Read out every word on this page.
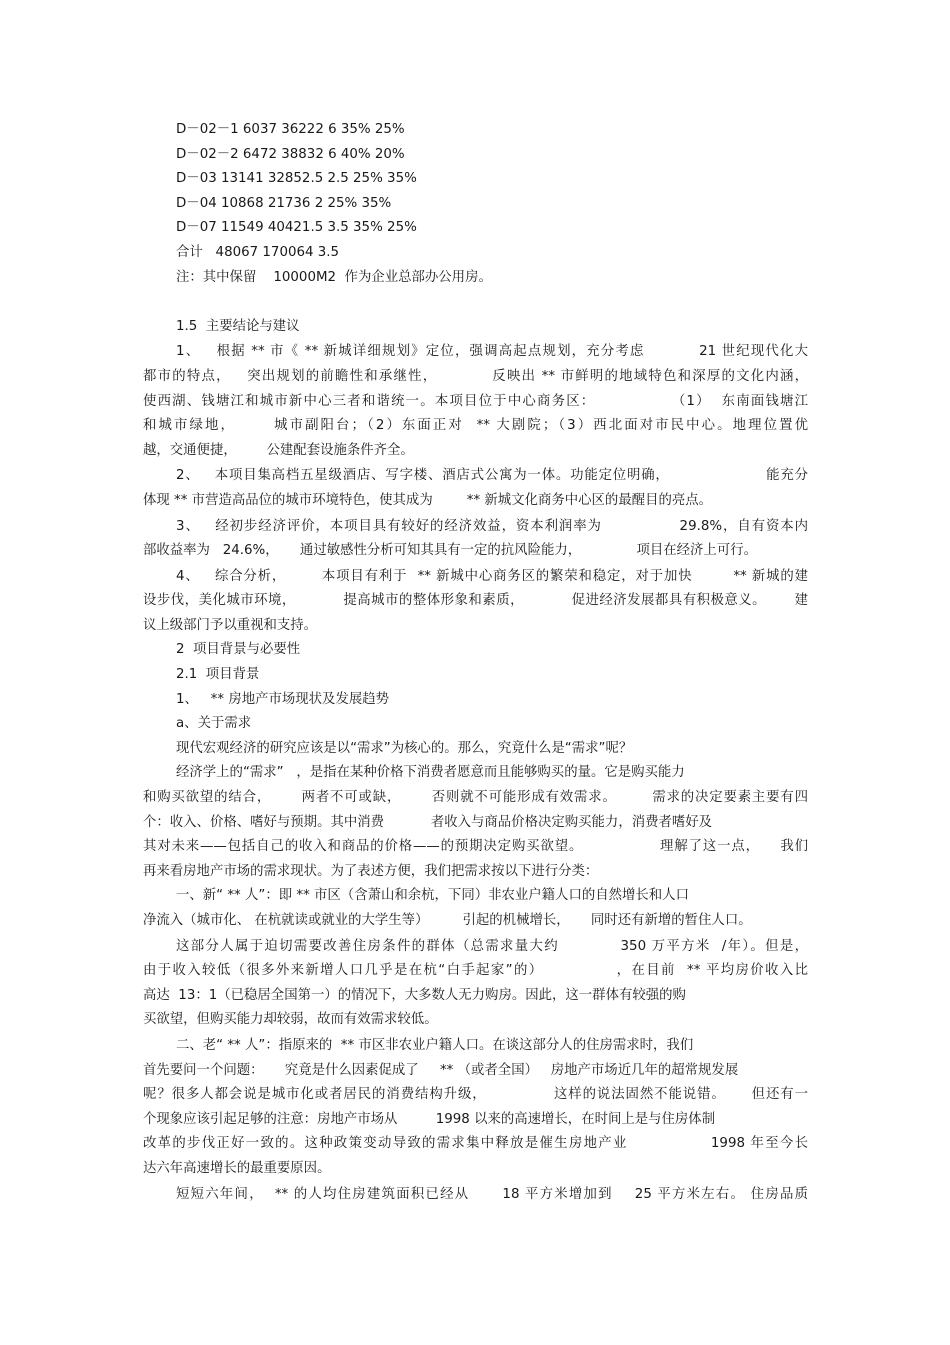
D－02－1 6037 36222 6 35% 25%
D－02－2 6472 38832 6 40% 20%
D－03 13141 32852.5 2.5 25% 35%
D－04 10868 21736 2 25% 35%
D－07 11549 40421.5 3.5 35% 25%
合计   48067 170064 3.5
注：其中保留    10000M2  作为企业总部办公用房。

1.5  主要结论与建议
1、   根据 ** 市《 ** 新城详细规划》定位，强调高起点规划，充分考虑          21 世纪现代化大
都市的特点，   突出规划的前瞻性和承继性，          反映出 ** 市鲜明的地域特色和深厚的文化内涵，
使西湖、钱塘江和城市新中心三者和谐统一。本项目位于中心商务区：              （1）  东南面钱塘江
和城市绿地，      城市副阳台；（2）东面正对  ** 大剧院；（3）西北面对市民中心。地理位置优
越，交通便捷，       公建配套设施条件齐全。
2、   本项目集高档五星级酒店、写字楼、酒店式公寓为一体。功能定位明确，                   能充分
体现 ** 市营造高品位的城市环境特色，使其成为        ** 新城文化商务中心区的最醒目的亮点。
3、   经初步经济评价，本项目具有较好的经济效益，资本利润率为               29.8%，自有资本内
部收益率为   24.6%，     通过敏感性分析可知其具有一定的抗风险能力，             项目在经济上可行。
4、   综合分析，       本项目有利于  ** 新城中心商务区的繁荣和稳定，对于加快        ** 新城的建
设步伐，美化城市环境，          提高城市的整体形象和素质，          促进经济发展都具有积极意义。      建
议上级部门予以重视和支持。
2  项目背景与必要性
2.1  项目背景
1、   ** 房地产市场现状及发展趋势
a、关于需求
现代宏观经济的研究应该是以“需求”为核心的。那么，究竟什么是“需求”呢？
经济学上的“需求”   ，是指在某种价格下消费者愿意而且能够购买的量。它是购买能力
和购买欲望的结合，      两者不可或缺，      否则就不可能形成有效需求。       需求的决定要素主要有四
个：收入、价格、嗜好与预期。其中消费           者收入与商品价格决定购买能力，消费者嗜好及
其对未来——包括自己的收入和商品的价格——的预期决定购买欲望。               理解了这一点，    我们
再来看房地产市场的需求现状。为了表述方便，我们把需求按以下进行分类：
一、新“ ** 人”：即 ** 市区（含萧山和余杭，下同）非农业户籍人口的自然增长和人口
净流入（城市化、 在杭就读或就业的大学生等）        引起的机械增长，     同时还有新增的暂住人口。
这部分人属于迫切需要改善住房条件的群体（总需求量大约           350 万平方米  /年）。但是，
由于收入较低（很多外来新增人口几乎是在杭“白手起家”的）             ，在目前  ** 平均房价收入比
高达  13：1（已稳居全国第一）的情况下，大多数人无力购房。因此，这一群体有较强的购
买欲望，但购买能力却较弱，故而有效需求较低。
二、老“ ** 人”：指原来的  ** 市区非农业户籍人口。在谈这部分人的住房需求时，我们
首先要问一个问题：     究竟是什么因素促成了     ** （或者全国）   房地产市场近几年的超常规发展
呢？很多人都会说是城市化或者居民的消费结构升级，             这样的说法固然不能说错。     但还有一
个现象应该引起足够的注意：房地产市场从         1998 以来的高速增长，在时间上是与住房体制
改革的步伐正好一致的。这种政策变动导致的需求集中释放是催生房地产业               1998 年至今长
达六年高速增长的最重要原因。
短短六年间，  ** 的人均住房建筑面积已经从      18 平方米增加到    25 平方米左右。 住房品质
